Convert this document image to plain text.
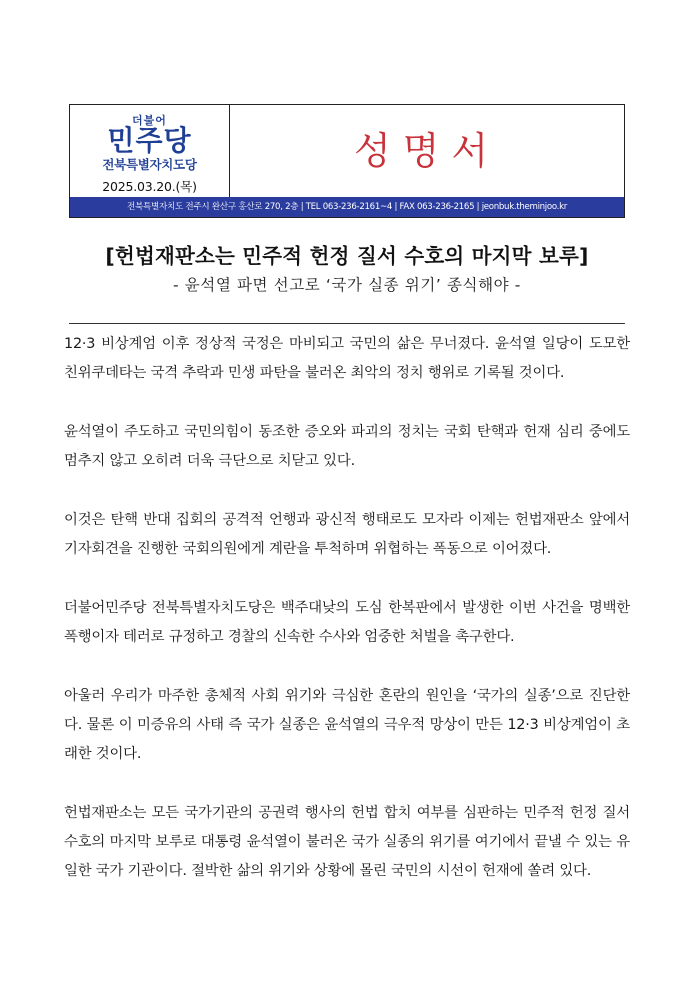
더불어
민주당
전북특별자치도당
2025.03.20.(목)
성명서
전북특별자치도 전주시 완산구 홍산로 270, 2층 | TEL 063-236-2161~4 | FAX 063-236-2165 | jeonbuk.theminjoo.kr
[헌법재판소는 민주적 헌정 질서 수호의 마지막 보루]
- 윤석열 파면 선고로 ‘국가 실종 위기’ 종식해야 -

12·3 비상계엄 이후 정상적 국정은 마비되고 국민의 삶은 무너졌다. 윤석열 일당이 도모한 친위쿠데타는 국격 추락과 민생 파탄을 불러온 최악의 정치 행위로 기록될 것이다.

윤석열이 주도하고 국민의힘이 동조한 증오와 파괴의 정치는 국회 탄핵과 헌재 심리 중에도 멈추지 않고 오히려 더욱 극단으로 치닫고 있다.

이것은 탄핵 반대 집회의 공격적 언행과 광신적 행태로도 모자라 이제는 헌법재판소 앞에서 기자회견을 진행한 국회의원에게 계란을 투척하며 위협하는 폭동으로 이어졌다.

더불어민주당 전북특별자치도당은 백주대낮의 도심 한복판에서 발생한 이번 사건을 명백한 폭행이자 테러로 규정하고 경찰의 신속한 수사와 엄중한 처벌을 촉구한다.

아울러 우리가 마주한 총체적 사회 위기와 극심한 혼란의 원인을 ‘국가의 실종’으로 진단한다. 물론 이 미증유의 사태 즉 국가 실종은 윤석열의 극우적 망상이 만든 12·3 비상계엄이 초래한 것이다.

헌법재판소는 모든 국가기관의 공권력 행사의 헌법 합치 여부를 심판하는 민주적 헌정 질서 수호의 마지막 보루로 대통령 윤석열이 불러온 국가 실종의 위기를 여기에서 끝낼 수 있는 유일한 국가 기관이다. 절박한 삶의 위기와 상황에 몰린 국민의 시선이 헌재에 쏠려 있다.
